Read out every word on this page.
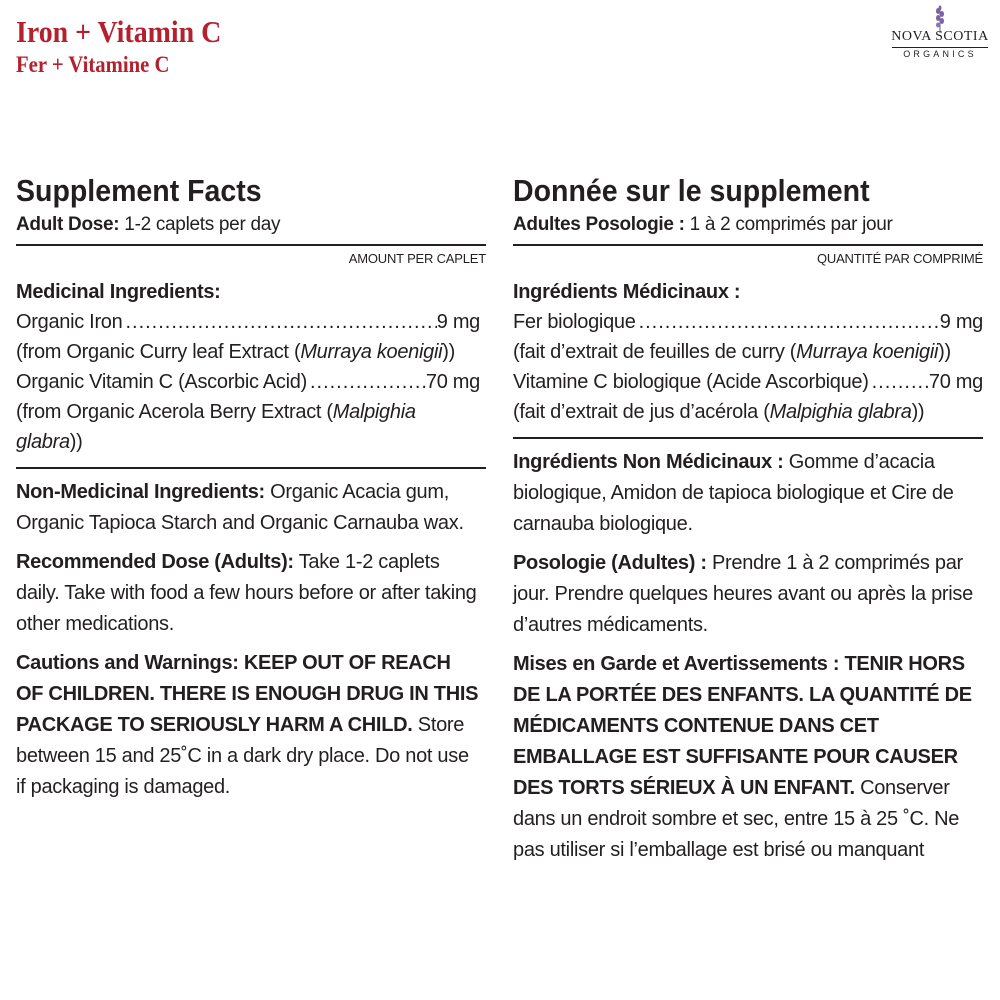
Iron + Vitamin C
Fer + Vitamine C
NOVA SCOTIA
ORGANICS
Supplement Facts
Adult Dose: 1-2 caplets per day
AMOUNT PER CAPLET
Medicinal Ingredients:
Organic Iron .....	9 mg
(from Organic Curry leaf Extract (Murraya koenigii))
Organic Vitamin C (Ascorbic Acid) .....	70 mg
(from Organic Acerola Berry Extract (Malpighia glabra))
Non-Medicinal Ingredients: Organic Acacia gum, Organic Tapioca Starch and Organic Carnauba wax.
Recommended Dose (Adults): Take 1-2 caplets daily. Take with food a few hours before or after taking other medications.
Cautions and Warnings: KEEP OUT OF REACH OF CHILDREN. THERE IS ENOUGH DRUG IN THIS PACKAGE TO SERIOUSLY HARM A CHILD. Store between 15 and 25˚C in a dark dry place. Do not use if packaging is damaged.
Donnée sur le supplement
Adultes Posologie : 1 à 2 comprimés par jour
QUANTITÉ PAR COMPRIMÉ
Ingrédients Médicinaux :
Fer biologique .....	9 mg
(fait d’extrait de feuilles de curry (Murraya koenigii))
Vitamine C biologique (Acide Ascorbique) .....	70 mg
(fait d’extrait de jus d’acérola (Malpighia glabra))
Ingrédients Non Médicinaux : Gomme d’acacia biologique, Amidon de tapioca biologique et Cire de carnauba biologique.
Posologie (Adultes) : Prendre 1 à 2 comprimés par jour. Prendre quelques heures avant ou après la prise d’autres médicaments.
Mises en Garde et Avertissements : TENIR HORS DE LA PORTÉE DES ENFANTS. LA QUANTITÉ DE MÉDICAMENTS CONTENUE DANS CET EMBALLAGE EST SUFFISANTE POUR CAUSER DES TORTS SÉRIEUX À UN ENFANT. Conserver dans un endroit sombre et sec, entre 15 à 25 ˚C. Ne pas utiliser si l’emballage est brisé ou manquant
